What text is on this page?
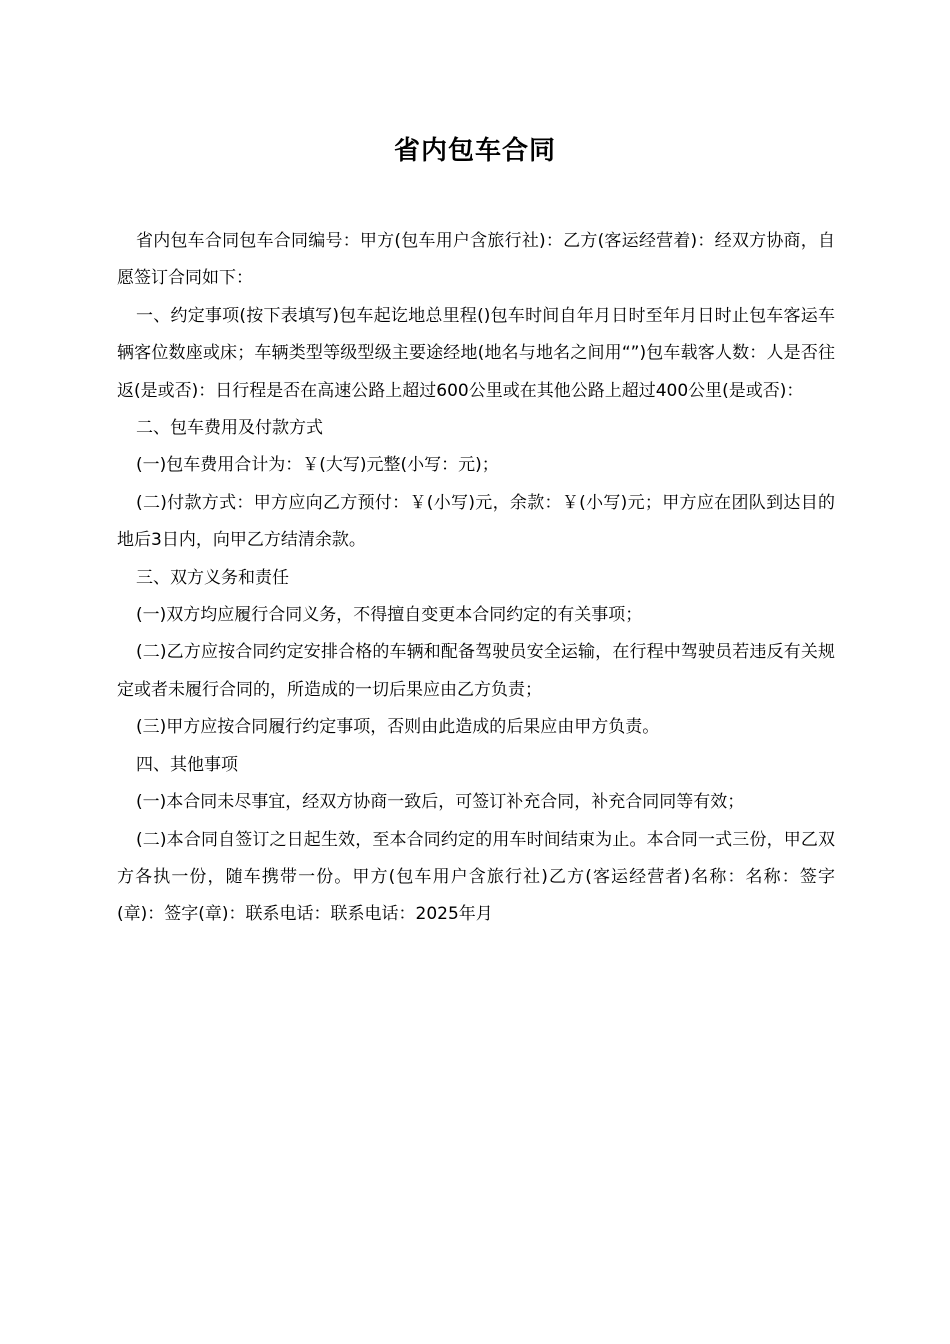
省内包车合同

省内包车合同包车合同编号：甲方(包车用户含旅行社)：乙方(客运经营着)：经双方协商，自愿签订合同如下：

一、约定事项(按下表填写)包车起讫地总里程()包车时间自年月日时至年月日时止包车客运车辆客位数座或床；车辆类型等级型级主要途经地(地名与地名之间用“”)包车载客人数：人是否往返(是或否)：日行程是否在高速公路上超过600公里或在其他公路上超过400公里(是或否)：

二、包车费用及付款方式

(一)包车费用合计为：￥(大写)元整(小写：元)；

(二)付款方式：甲方应向乙方预付：￥(小写)元，余款：￥(小写)元；甲方应在团队到达目的地后3日内，向甲乙方结清余款。

三、双方义务和责任

(一)双方均应履行合同义务，不得擅自变更本合同约定的有关事项；

(二)乙方应按合同约定安排合格的车辆和配备驾驶员安全运输，在行程中驾驶员若违反有关规定或者未履行合同的，所造成的一切后果应由乙方负责；

(三)甲方应按合同履行约定事项，否则由此造成的后果应由甲方负责。

四、其他事项

(一)本合同未尽事宜，经双方协商一致后，可签订补充合同，补充合同同等有效；

(二)本合同自签订之日起生效，至本合同约定的用车时间结束为止。本合同一式三份，甲乙双方各执一份，随车携带一份。甲方(包车用户含旅行社)乙方(客运经营者)名称：名称：签字(章)：签字(章)：联系电话：联系电话：2025年月
